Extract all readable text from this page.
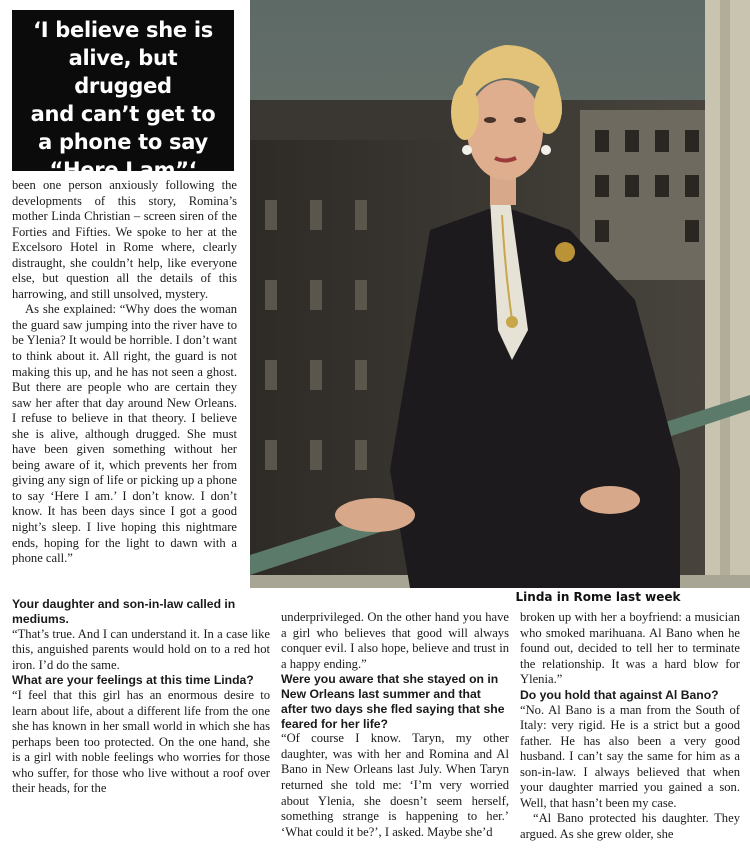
‘I believe she is
alive, but drugged
and can’t get to
a phone to say
“Here I am”‘

been one person anxiously following the developments of this story, Romina’s mother Linda Christian – screen siren of the Forties and Fifties. We spoke to her at the Excelsoro Hotel in Rome where, clearly distraught, she couldn’t help, like everyone else, but question all the details of this harrowing, and still unsolved, mystery.

As she explained: “Why does the woman the guard saw jumping into the river have to be Ylenia? It would be horrible. I don’t want to think about it. All right, the guard is not making this up, and he has not seen a ghost. But there are people who are certain they saw her after that day around New Orleans. I refuse to believe in that theory. I believe she is alive, although drugged. She must have been given something without her being aware of it, which prevents her from giving any sign of life or picking up a phone to say ‘Here I am.’ I don’t know. I don’t know. It has been days since I got a good night’s sleep. I live hoping this nightmare ends, hoping for the light to dawn with a phone call.”

Linda in Rome last week

Your daughter and son-in-law called in mediums.

“That’s true. And I can understand it. In a case like this, anguished parents would hold on to a red hot iron. I’d do the same.

What are your feelings at this time Linda?

“I feel that this girl has an enormous desire to learn about life, about a different life from the one she has known in her small world in which she has perhaps been too protected. On the one hand, she is a girl with noble feelings who worries for those who suffer, for those who live without a roof over their heads, for the

underprivileged. On the other hand you have a girl who believes that good will always conquer evil. I also hope, believe and trust in a happy ending.”

Were you aware that she stayed on in New Orleans last summer and that after two days she fled saying that she feared for her life?

“Of course I know. Taryn, my other daughter, was with her and Romina and Al Bano in New Orleans last July. When Taryn returned she told me: ‘I’m very worried about Ylenia, she doesn’t seem herself, something strange is happening to her.’ ‘What could it be?’, I asked. Maybe she’d

broken up with her a boyfriend: a musician who smoked marihuana. Al Bano when he found out, decided to tell her to terminate the relationship. It was a hard blow for Ylenia.”

Do you hold that against Al Bano?

“No. Al Bano is a man from the South of Italy: very rigid. He is a strict but a good father. He has also been a very good husband. I can’t say the same for him as a son-in-law. I always believed that when your daughter married you gained a son. Well, that hasn’t been my case.

“Al Bano protected his daughter. They argued. As she grew older, she
